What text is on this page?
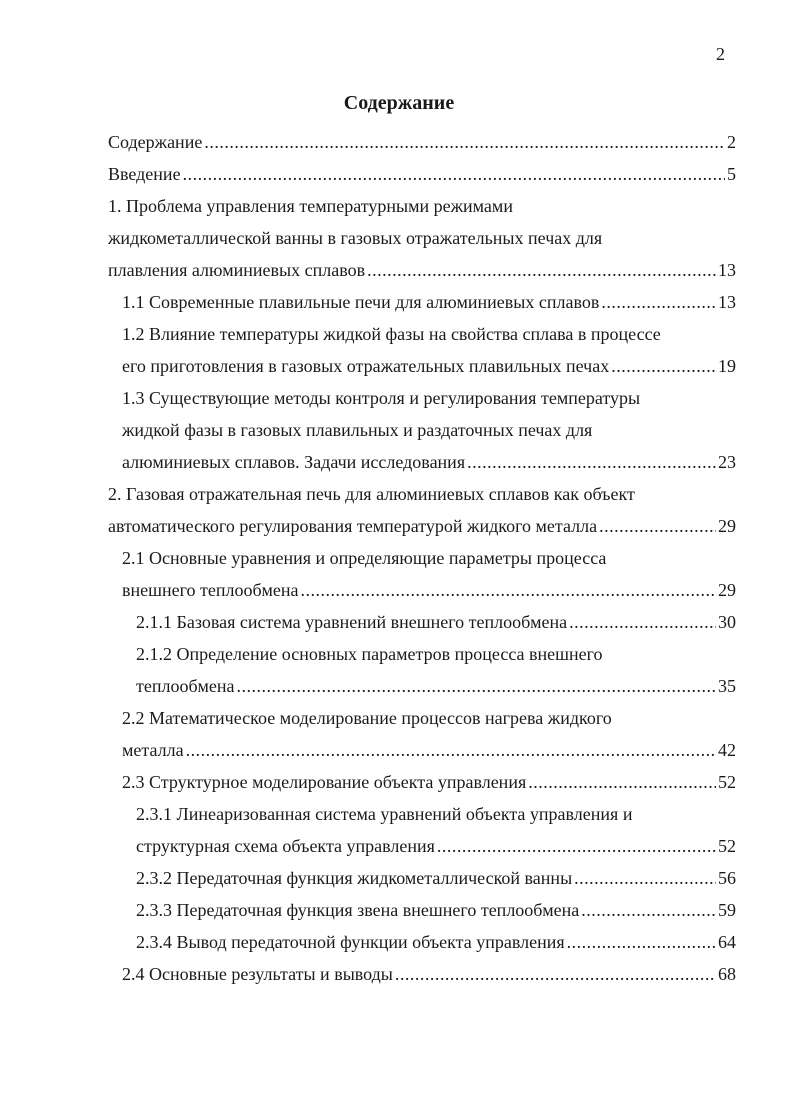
2
Содержание
Содержание .....	2
Введение .....	5
1. Проблема управления температурными режимами
жидкометаллической ванны в газовых отражательных печах для
плавления алюминиевых сплавов .....	13
1.1 Современные плавильные печи для алюминиевых сплавов .....	13
1.2 Влияние температуры жидкой фазы на свойства сплава в процессе
его приготовления в газовых отражательных плавильных печах .....	19
1.3 Существующие методы контроля и регулирования температуры
жидкой фазы в газовых плавильных и раздаточных печах для
алюминиевых сплавов. Задачи исследования .....	23
2. Газовая отражательная печь для алюминиевых сплавов как объект
автоматического регулирования температурой жидкого металла .....	29
2.1 Основные уравнения и определяющие параметры процесса
внешнего теплообмена .....	29
2.1.1 Базовая система уравнений внешнего теплообмена .....	30
2.1.2 Определение основных параметров процесса внешнего
теплообмена .....	35
2.2 Математическое моделирование процессов нагрева жидкого
металла .....	42
2.3 Структурное моделирование объекта управления .....	52
2.3.1 Линеаризованная система уравнений объекта управления и
структурная схема объекта управления .....	52
2.3.2 Передаточная функция жидкометаллической ванны .....	56
2.3.3 Передаточная функция звена внешнего теплообмена .....	59
2.3.4 Вывод передаточной функции объекта управления .....	64
2.4 Основные результаты и выводы .....	68
